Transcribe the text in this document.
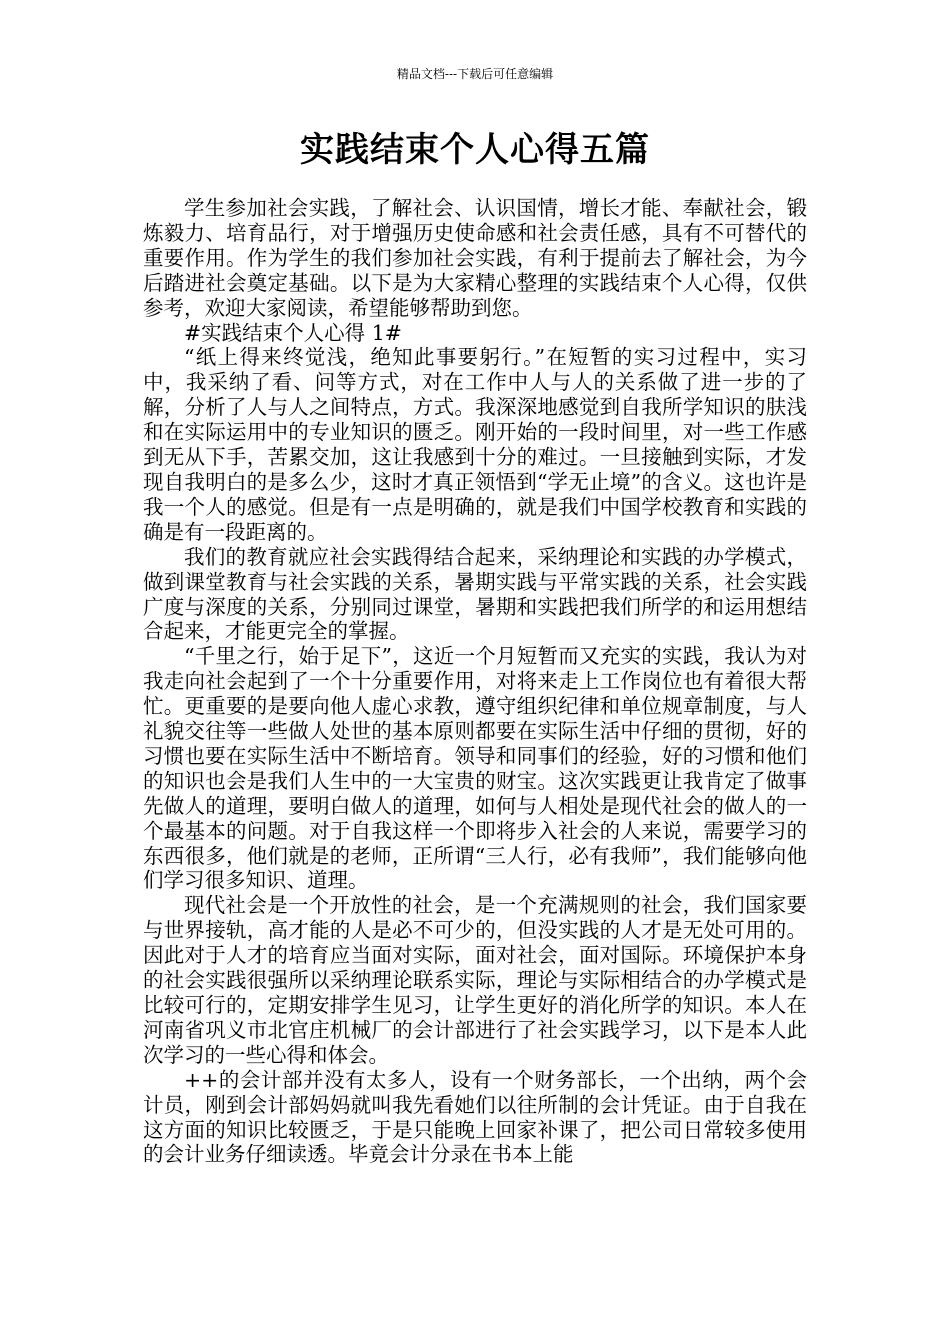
精品文档---下载后可任意编辑
实践结束个人心得五篇

学生参加社会实践，了解社会、认识国情，增长才能、奉献社会，锻炼毅力、培育品行，对于增强历史使命感和社会责任感，具有不可替代的重要作用。作为学生的我们参加社会实践，有利于提前去了解社会，为今后踏进社会奠定基础。以下是为大家精心整理的实践结束个人心得，仅供参考，欢迎大家阅读，希望能够帮助到您。

#实践结束个人心得 1#

“纸上得来终觉浅，绝知此事要躬行。”在短暂的实习过程中，实习中，我采纳了看、问等方式，对在工作中人与人的关系做了进一步的了解，分析了人与人之间特点，方式。我深深地感觉到自我所学知识的肤浅和在实际运用中的专业知识的匮乏。刚开始的一段时间里，对一些工作感到无从下手，苦累交加，这让我感到十分的难过。一旦接触到实际，才发现自我明白的是多么少，这时才真正领悟到“学无止境”的含义。这也许是我一个人的感觉。但是有一点是明确的，就是我们中国学校教育和实践的确是有一段距离的。

我们的教育就应社会实践得结合起来，采纳理论和实践的办学模式，做到课堂教育与社会实践的关系，暑期实践与平常实践的关系，社会实践广度与深度的关系，分别同过课堂，暑期和实践把我们所学的和运用想结合起来，才能更完全的掌握。

“千里之行，始于足下”，这近一个月短暂而又充实的实践，我认为对我走向社会起到了一个十分重要作用，对将来走上工作岗位也有着很大帮忙。更重要的是要向他人虚心求教，遵守组织纪律和单位规章制度，与人礼貌交往等一些做人处世的基本原则都要在实际生活中仔细的贯彻，好的习惯也要在实际生活中不断培育。领导和同事们的经验，好的习惯和他们的知识也会是我们人生中的一大宝贵的财宝。这次实践更让我肯定了做事先做人的道理，要明白做人的道理，如何与人相处是现代社会的做人的一个最基本的问题。对于自我这样一个即将步入社会的人来说，需要学习的东西很多，他们就是的老师，正所谓“三人行，必有我师”，我们能够向他们学习很多知识、道理。

现代社会是一个开放性的社会，是一个充满规则的社会，我们国家要与世界接轨，高才能的人是必不可少的，但没实践的人才是无处可用的。因此对于人才的培育应当面对实际，面对社会，面对国际。环境保护本身的社会实践很强所以采纳理论联系实际，理论与实际相结合的办学模式是比较可行的，定期安排学生见习，让学生更好的消化所学的知识。本人在河南省巩义市北官庄机械厂的会计部进行了社会实践学习，以下是本人此次学习的一些心得和体会。

++的会计部并没有太多人，设有一个财务部长，一个出纳，两个会计员，刚到会计部妈妈就叫我先看她们以往所制的会计凭证。由于自我在这方面的知识比较匮乏，于是只能晚上回家补课了，把公司日常较多使用的会计业务仔细读透。毕竟会计分录在书本上能
